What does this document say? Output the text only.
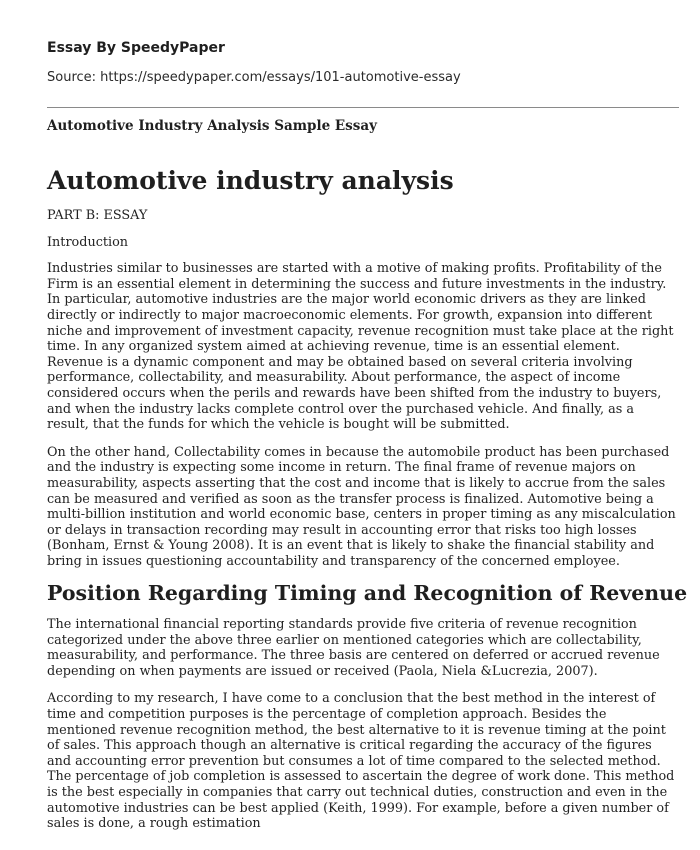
Essay By SpeedyPaper
Source: https://speedypaper.com/essays/101-automotive-essay
Automotive Industry Analysis Sample Essay
Automotive industry analysis

PART B: ESSAY

Introduction

Industries similar to businesses are started with a motive of making profits. Profitability of the Firm is an essential element in determining the success and future investments in the industry. In particular, automotive industries are the major world economic drivers as they are linked directly or indirectly to major macroeconomic elements. For growth, expansion into different niche and improvement of investment capacity, revenue recognition must take place at the right time. In any organized system aimed at achieving revenue, time is an essential element. Revenue is a dynamic component and may be obtained based on several criteria involving performance, collectability, and measurability. About performance, the aspect of income considered occurs when the perils and rewards have been shifted from the industry to buyers, and when the industry lacks complete control over the purchased vehicle. And finally, as a result, that the funds for which the vehicle is bought will be submitted.

On the other hand, Collectability comes in because the automobile product has been purchased and the industry is expecting some income in return. The final frame of revenue majors on measurability, aspects asserting that the cost and income that is likely to accrue from the sales can be measured and verified as soon as the transfer process is finalized. Automotive being a multi-billion institution and world economic base, centers in proper timing as any miscalculation or delays in transaction recording may result in accounting error that risks too high losses (Bonham, Ernst & Young 2008). It is an event that is likely to shake the financial stability and bring in issues questioning accountability and transparency of the concerned employee.

Position Regarding Timing and Recognition of Revenue

The international financial reporting standards provide five criteria of revenue recognition categorized under the above three earlier on mentioned categories which are collectability, measurability, and performance. The three basis are centered on deferred or accrued revenue depending on when payments are issued or received (Paola, Niela &Lucrezia, 2007).

According to my research, I have come to a conclusion that the best method in the interest of time and competition purposes is the percentage of completion approach. Besides the mentioned revenue recognition method, the best alternative to it is revenue timing at the point of sales. This approach though an alternative is critical regarding the accuracy of the figures and accounting error prevention but consumes a lot of time compared to the selected method. The percentage of job completion is assessed to ascertain the degree of work done. This method is the best especially in companies that carry out technical duties, construction and even in the automotive industries can be best applied (Keith, 1999). For example, before a given number of sales is done, a rough estimation
